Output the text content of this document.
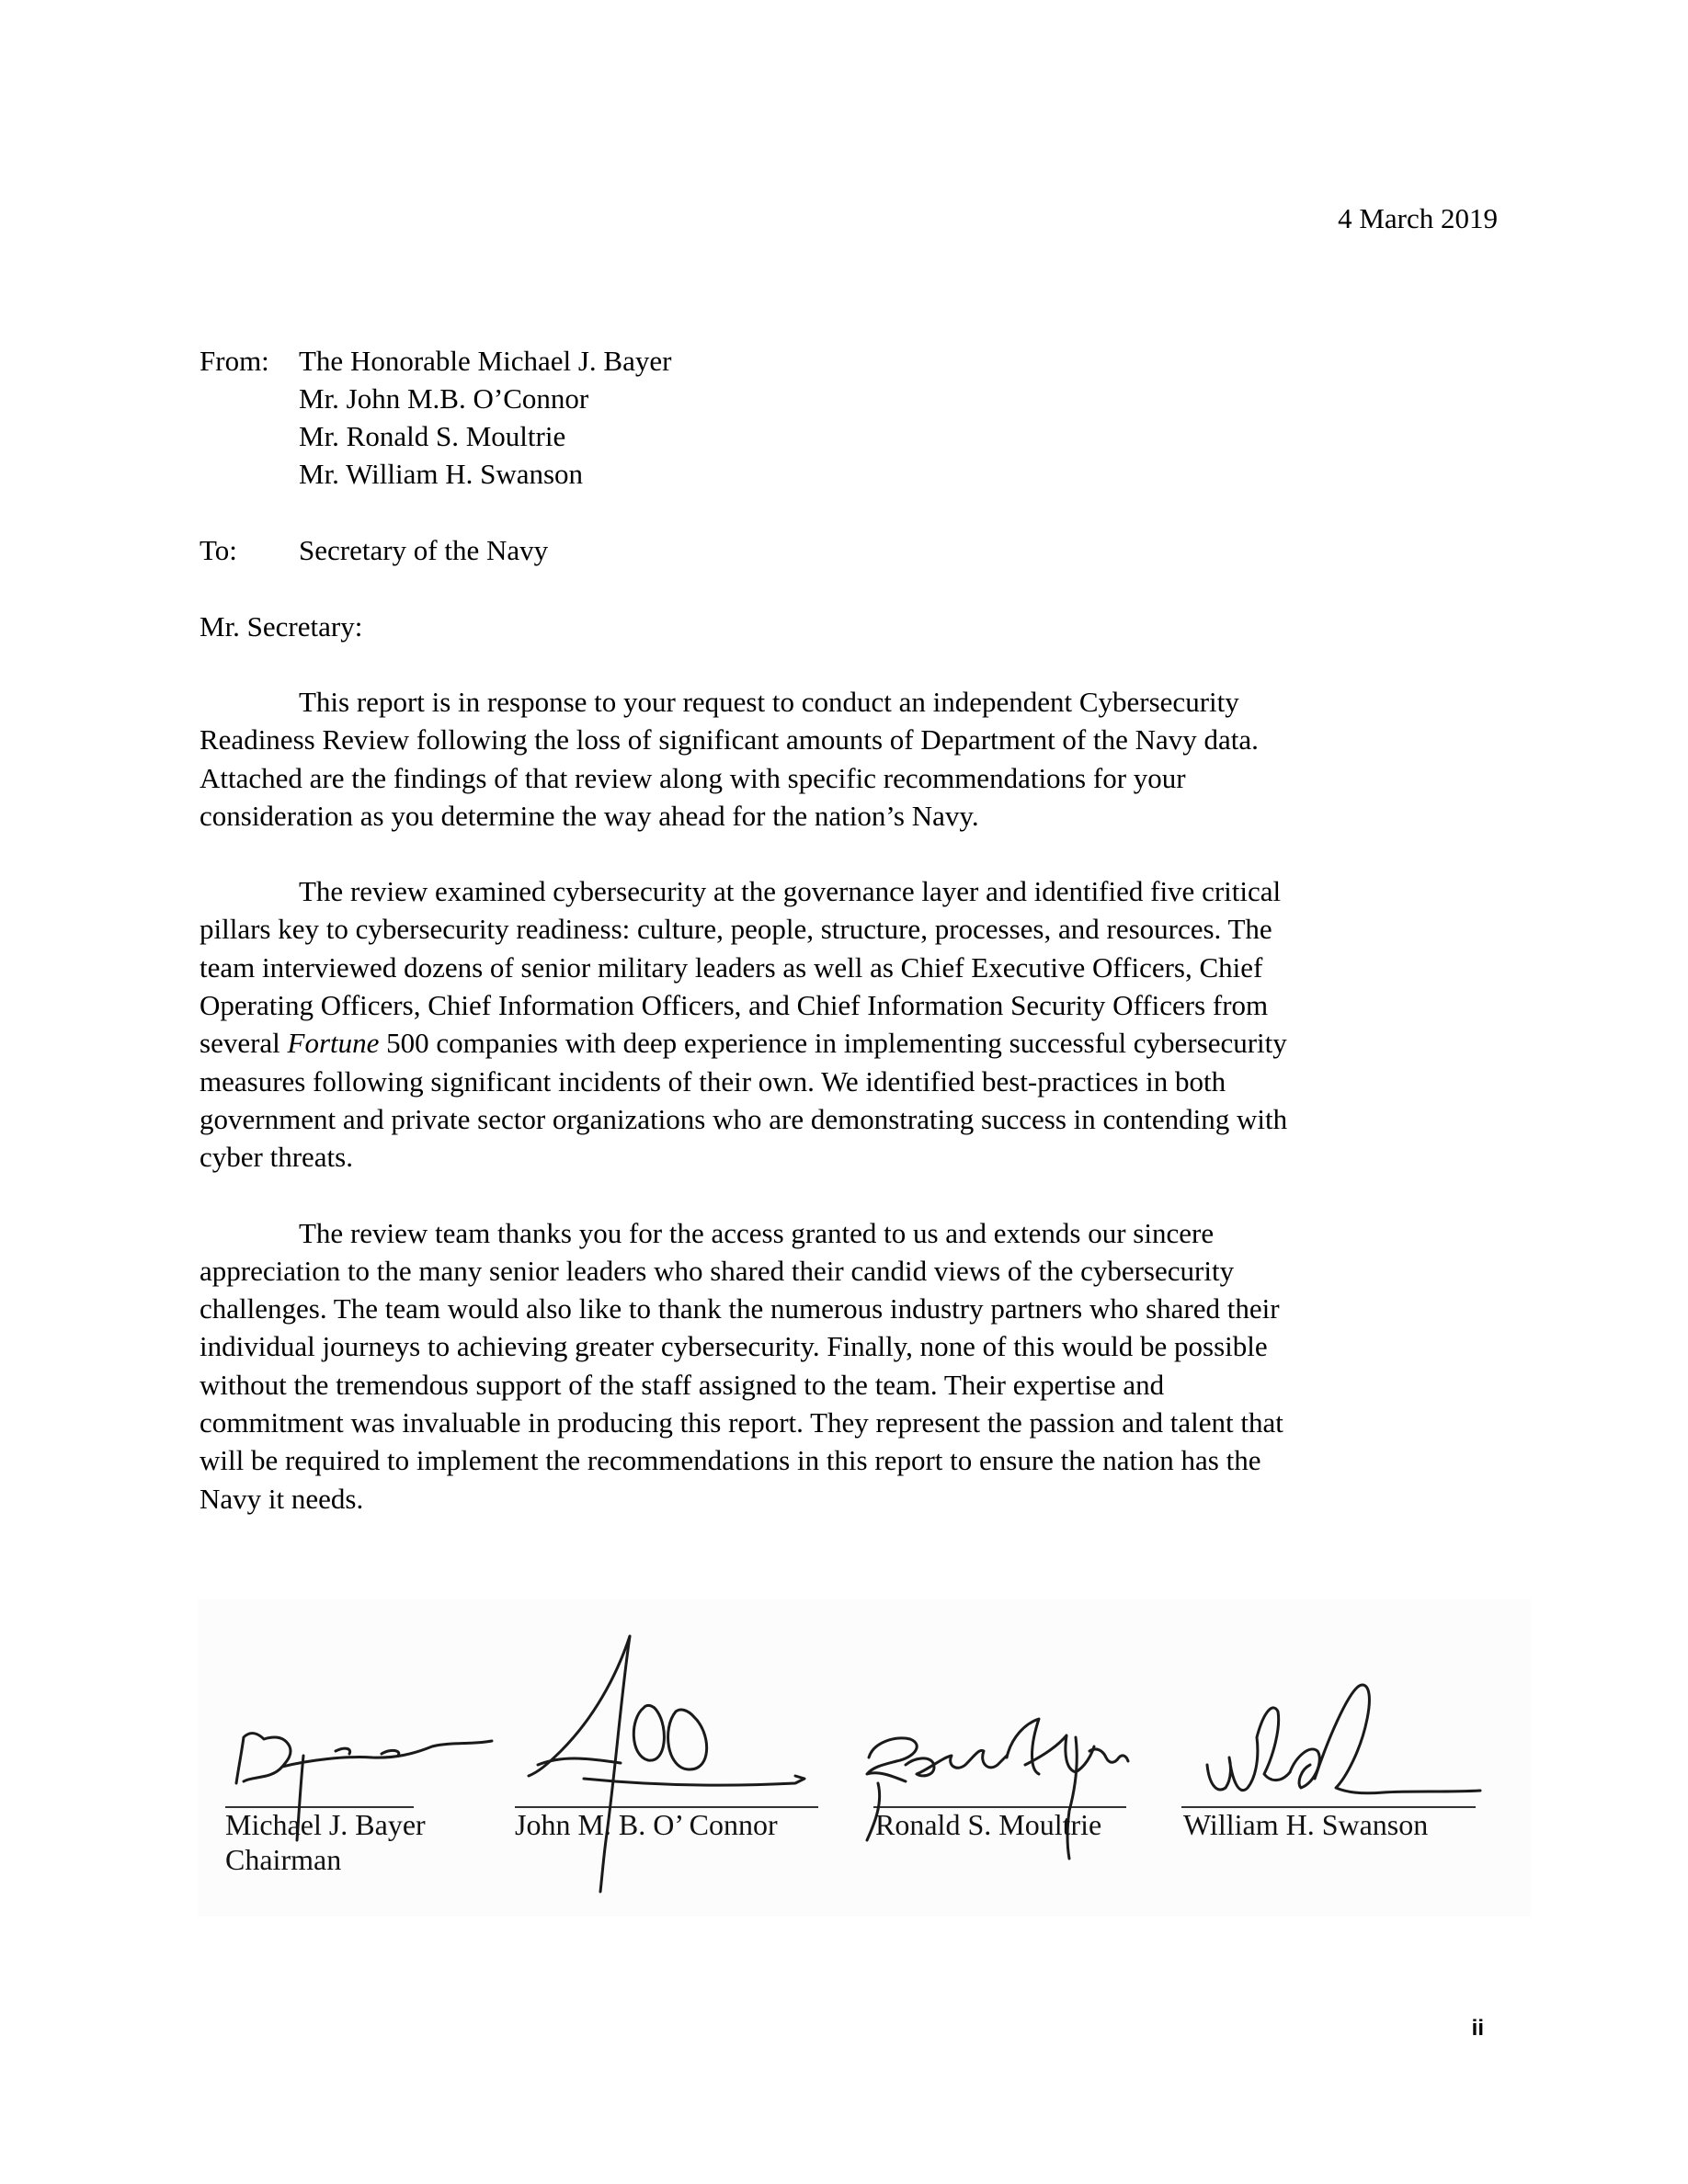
4 March 2019
From:	The Honorable Michael J. Bayer
Mr. John M.B. O’Connor
Mr. Ronald S. Moultrie
Mr. William H. Swanson
To:	Secretary of the Navy
Mr. Secretary:

This report is in response to your request to conduct an independent Cybersecurity
Readiness Review following the loss of significant amounts of Department of the Navy data.
Attached are the findings of that review along with specific recommendations for your
consideration as you determine the way ahead for the nation’s Navy.

The review examined cybersecurity at the governance layer and identified five critical
pillars key to cybersecurity readiness: culture, people, structure, processes, and resources. The
team interviewed dozens of senior military leaders as well as Chief Executive Officers, Chief
Operating Officers, Chief Information Officers, and Chief Information Security Officers from
several Fortune 500 companies with deep experience in implementing successful cybersecurity
measures following significant incidents of their own. We identified best-practices in both
government and private sector organizations who are demonstrating success in contending with
cyber threats.

The review team thanks you for the access granted to us and extends our sincere
appreciation to the many senior leaders who shared their candid views of the cybersecurity
challenges. The team would also like to thank the numerous industry partners who shared their
individual journeys to achieving greater cybersecurity. Finally, none of this would be possible
without the tremendous support of the staff assigned to the team. Their expertise and
commitment was invaluable in producing this report. They represent the passion and talent that
will be required to implement the recommendations in this report to ensure the nation has the
Navy it needs.

Michael J. Bayer
Chairman
John M. B. O’ Connor	Ronald S. Moultrie	William H. Swanson
ii
